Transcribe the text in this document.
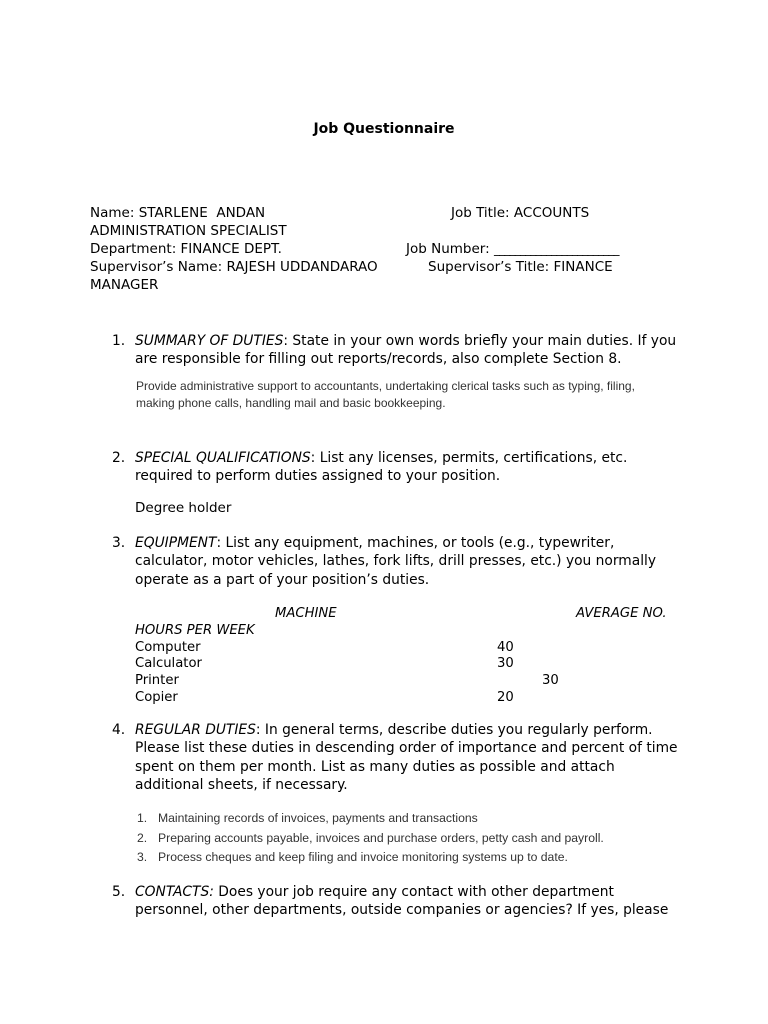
Job Questionnaire
Name: STARLENE  ANDAN	Job Title: ACCOUNTS
ADMINISTRATION SPECIALIST
Department: FINANCE DEPT.	Job Number: ________________________
Supervisor’s Name: RAJESH UDDANDARAO	Supervisor’s Title: FINANCE
MANAGER
1. SUMMARY OF DUTIES: State in your own words briefly your main duties. If you are responsible for filling out reports/records, also complete Section 8.
Provide administrative support to accountants, undertaking clerical tasks such as typing, filing,
making phone calls, handling mail and basic bookkeeping.
2. SPECIAL QUALIFICATIONS: List any licenses, permits, certifications, etc. required to perform duties assigned to your position.
Degree holder
3. EQUIPMENT: List any equipment, machines, or tools (e.g., typewriter, calculator, motor vehicles, lathes, fork lifts, drill presses, etc.) you normally operate as a part of your position’s duties.
MACHINE	AVERAGE NO.
HOURS PER WEEK
Computer	40
Calculator	30
Printer	30
Copier	20
4. REGULAR DUTIES: In general terms, describe duties you regularly perform. Please list these duties in descending order of importance and percent of time spent on them per month. List as many duties as possible and attach additional sheets, if necessary.
1. Maintaining records of invoices, payments and transactions
2. Preparing accounts payable, invoices and purchase orders, petty cash and payroll.
3. Process cheques and keep filing and invoice monitoring systems up to date.
5. CONTACTS: Does your job require any contact with other department personnel, other departments, outside companies or agencies? If yes, please
